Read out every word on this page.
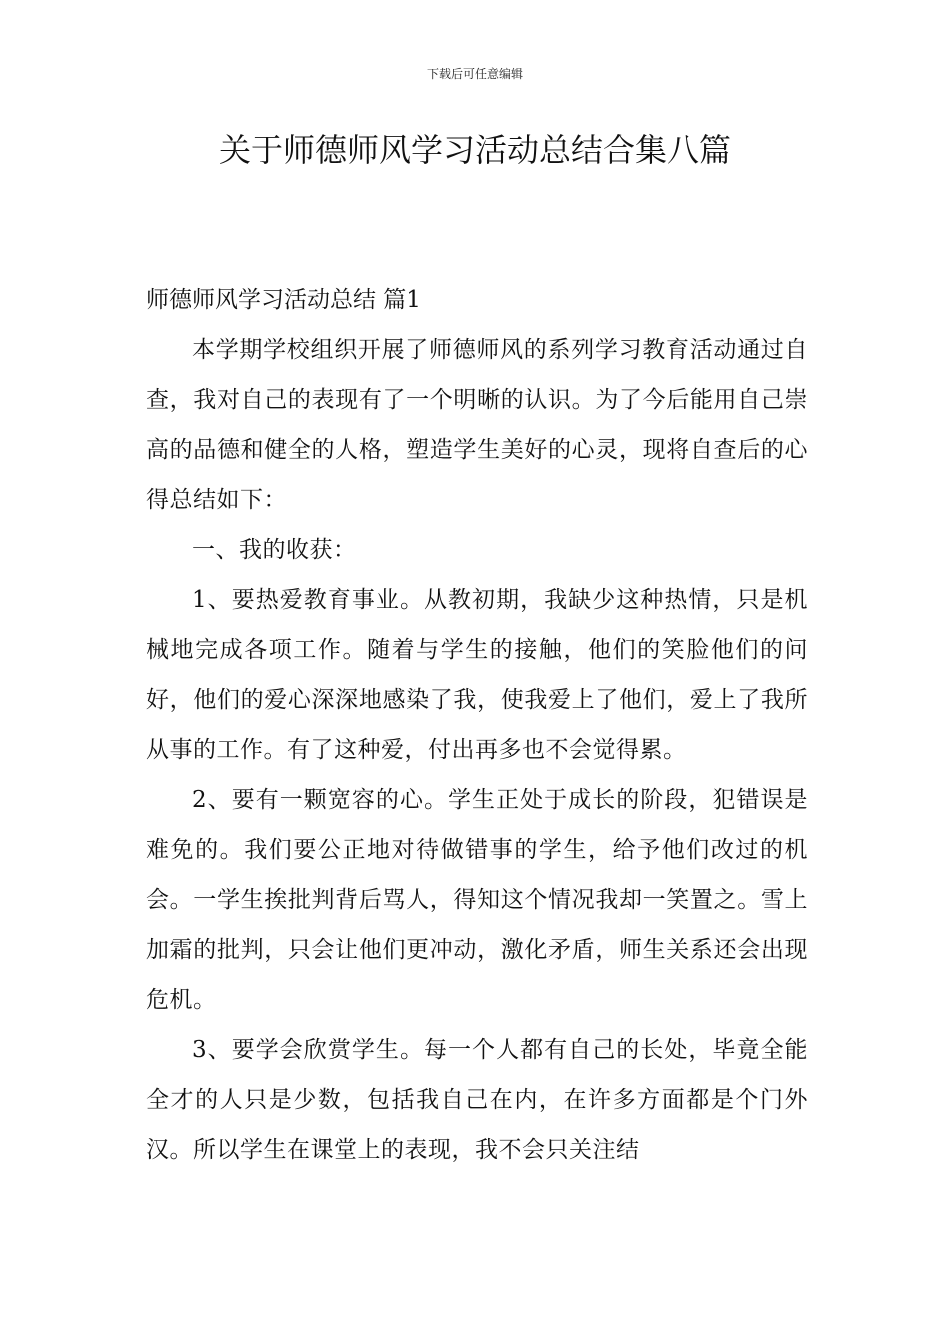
下载后可任意编辑
关于师德师风学习活动总结合集八篇

师德师风学习活动总结 篇1

本学期学校组织开展了师德师风的系列学习教育活动通过自查，我对自己的表现有了一个明晰的认识。为了今后能用自己崇高的品德和健全的人格，塑造学生美好的心灵，现将自查后的心得总结如下：

一、我的收获：

1、要热爱教育事业。从教初期，我缺少这种热情，只是机械地完成各项工作。随着与学生的接触，他们的笑脸他们的问好，他们的爱心深深地感染了我，使我爱上了他们，爱上了我所从事的工作。有了这种爱，付出再多也不会觉得累。

2、要有一颗宽容的心。学生正处于成长的阶段，犯错误是难免的。我们要公正地对待做错事的学生，给予他们改过的机会。一学生挨批判背后骂人，得知这个情况我却一笑置之。雪上加霜的批判，只会让他们更冲动，激化矛盾，师生关系还会出现危机。

3、要学会欣赏学生。每一个人都有自己的长处，毕竟全能全才的人只是少数，包括我自己在内，在许多方面都是个门外汉。所以学生在课堂上的表现，我不会只关注结
